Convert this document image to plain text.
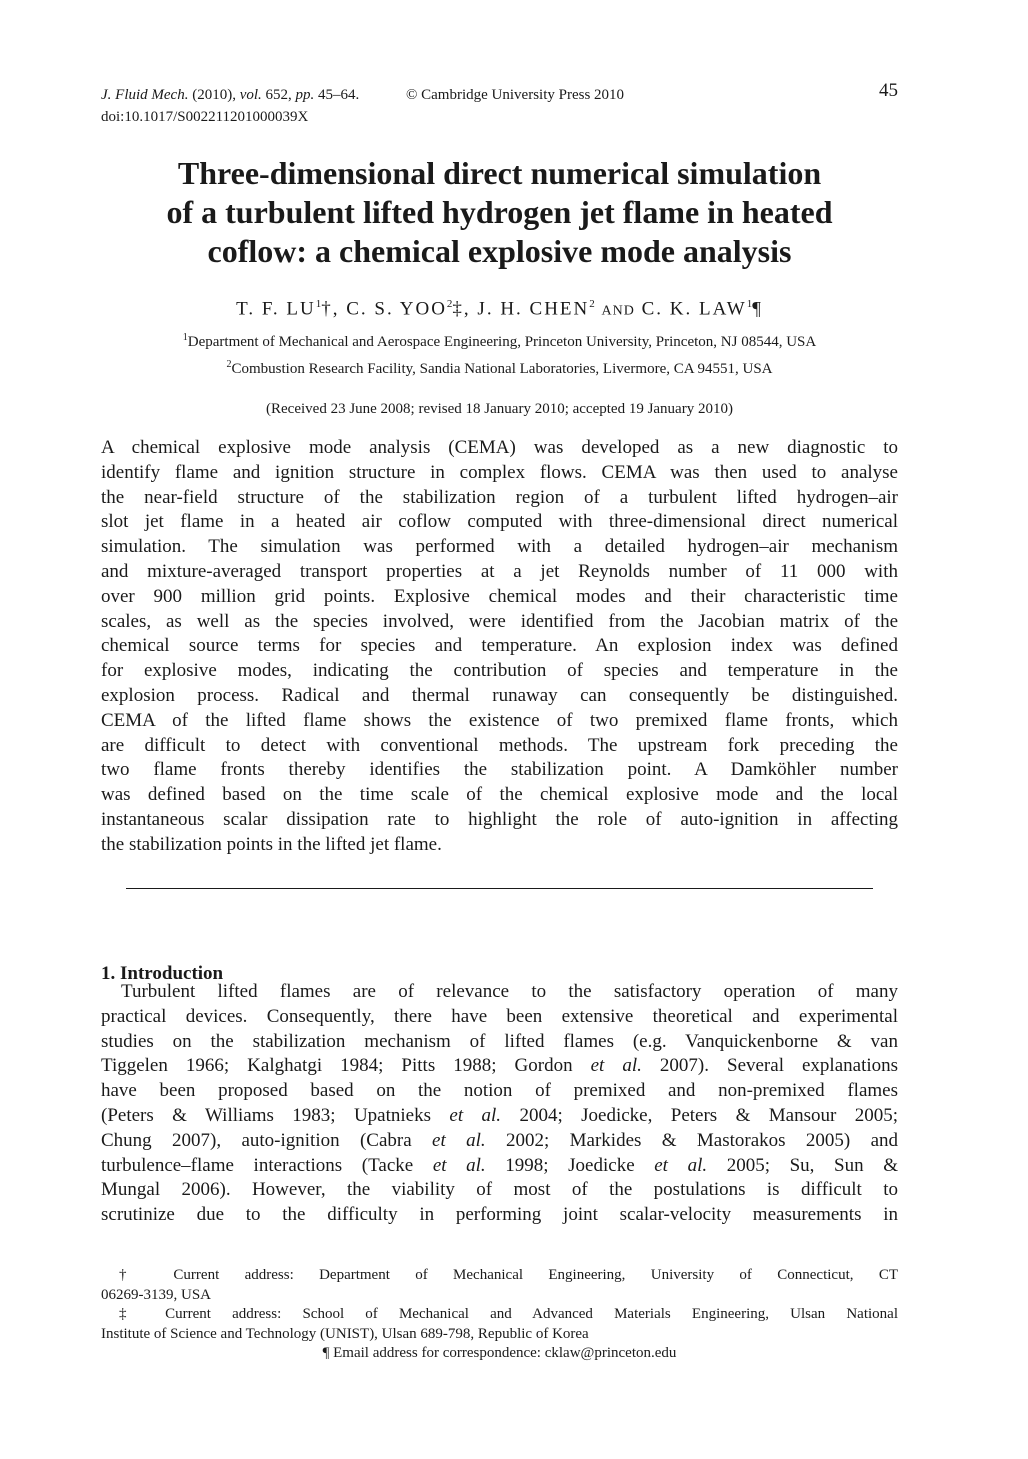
J. Fluid Mech. (2010), vol. 652, pp. 45–64.	© Cambridge University Press 2010	45
doi:10.1017/S002211201000039X
Three-dimensional direct numerical simulation
of a turbulent lifted hydrogen jet flame in heated
coflow: a chemical explosive mode analysis
T. F. $LU^1\dagger$, C. S. YOO$^2$‡, J. H. CHEN$^2$ AND C. K. LAW$^1$¶
$^1$Department of Mechanical and Aerospace Engineering, Princeton University, Princeton, NJ 08544, USA
$^2$Combustion Research Facility, Sandia National Laboratories, Livermore, CA 94551, USA
(Received 23 June 2008; revised 18 January 2010; accepted 19 January 2010)
A chemical explosive mode analysis (CEMA) was developed as a new diagnostic to
identify flame and ignition structure in complex flows. CEMA was then used to analyse
the near-field structure of the stabilization region of a turbulent lifted hydrogen–air
slot jet flame in a heated air coflow computed with three-dimensional direct numerical
simulation. The simulation was performed with a detailed hydrogen–air mechanism
and mixture-averaged transport properties at a jet Reynolds number of 11 000 with
over 900 million grid points. Explosive chemical modes and their characteristic time
scales, as well as the species involved, were identified from the Jacobian matrix of the
chemical source terms for species and temperature. An explosion index was defined
for explosive modes, indicating the contribution of species and temperature in the
explosion process. Radical and thermal runaway can consequently be distinguished.
CEMA of the lifted flame shows the existence of two premixed flame fronts, which
are difficult to detect with conventional methods. The upstream fork preceding the
two flame fronts thereby identifies the stabilization point. A Damköhler number
was defined based on the time scale of the chemical explosive mode and the local
instantaneous scalar dissipation rate to highlight the role of auto-ignition in affecting
the stabilization points in the lifted jet flame.
1. Introduction
Turbulent lifted flames are of relevance to the satisfactory operation of many
practical devices. Consequently, there have been extensive theoretical and experimental
studies on the stabilization mechanism of lifted flames (e.g. Vanquickenborne & van
Tiggelen 1966; Kalghatgi 1984; Pitts 1988; Gordon et al. 2007). Several explanations
have been proposed based on the notion of premixed and non-premixed flames
(Peters & Williams 1983; Upatnieks et al. 2004; Joedicke, Peters & Mansour 2005;
Chung 2007), auto-ignition (Cabra et al. 2002; Markides & Mastorakos 2005) and
turbulence–flame interactions (Tacke et al. 1998; Joedicke et al. 2005; Su, Sun &
Mungal 2006). However, the viability of most of the postulations is difficult to
scrutinize due to the difficulty in performing joint scalar-velocity measurements in
† Current address: Department of Mechanical Engineering, University of Connecticut, CT
06269-3139, USA
‡ Current address: School of Mechanical and Advanced Materials Engineering, Ulsan National
Institute of Science and Technology (UNIST), Ulsan 689-798, Republic of Korea
¶ Email address for correspondence: cklaw@princeton.edu
